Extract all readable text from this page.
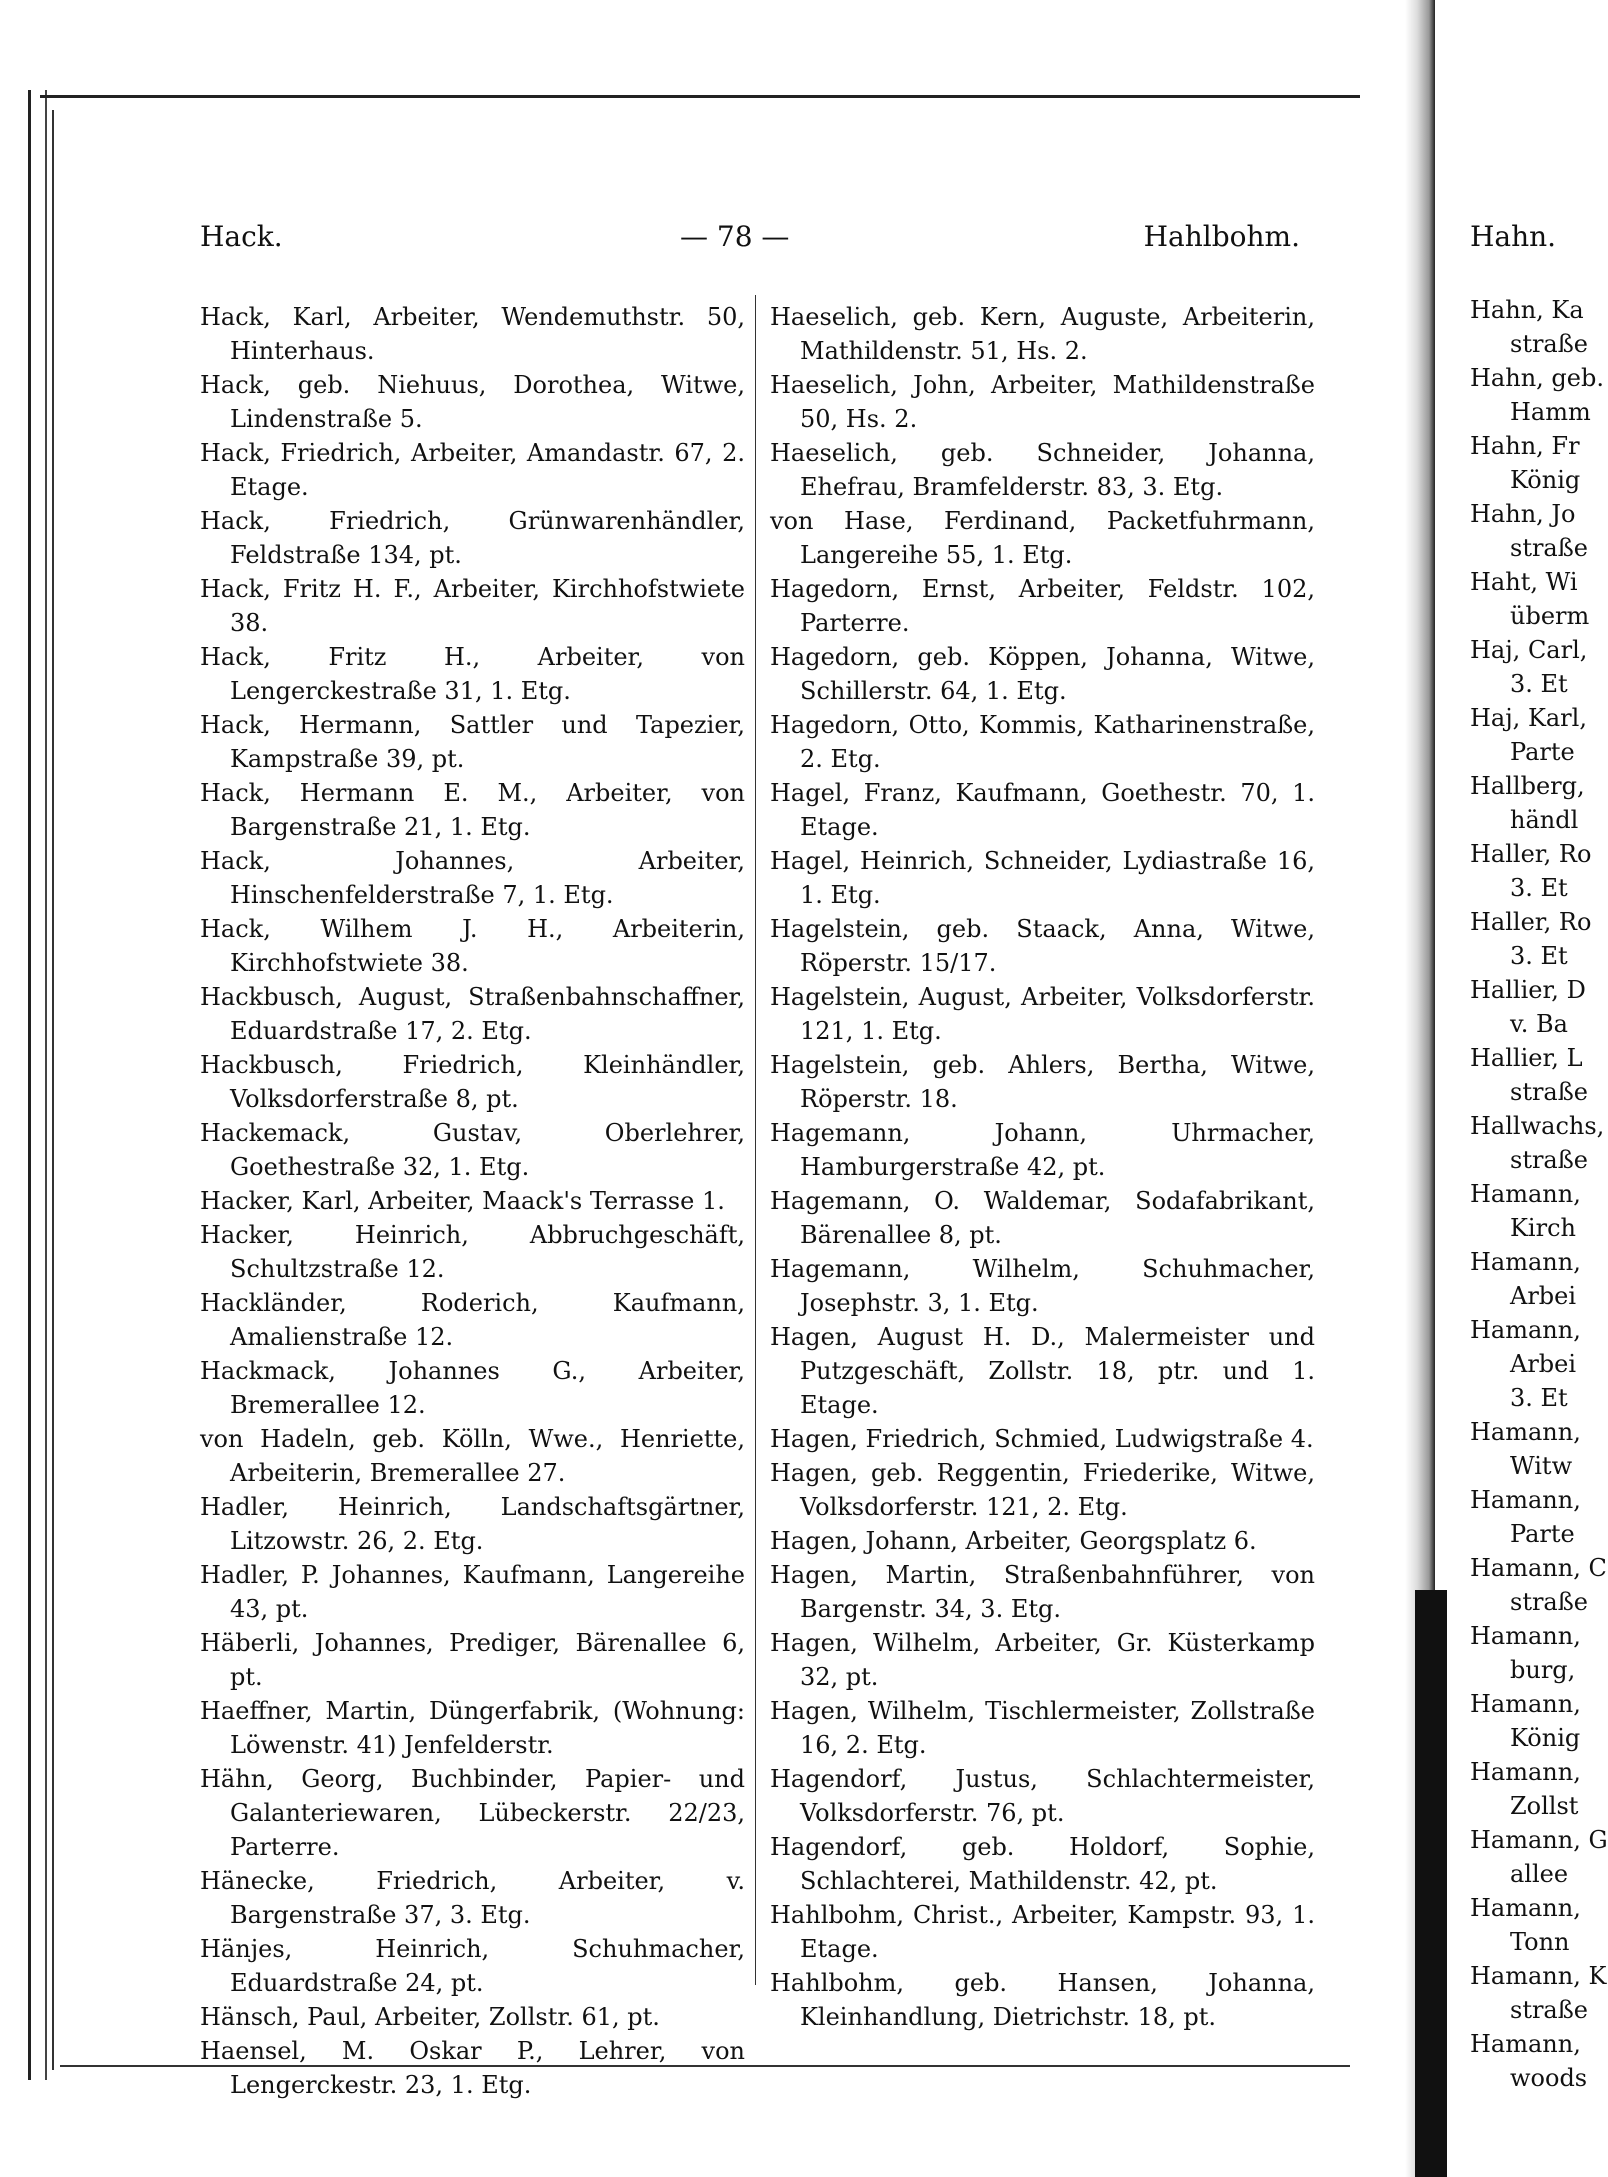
Hack.	— 78 —	Hahlbohm.

Hack, Karl, Arbeiter, Wendemuthstr. 50, Hinterhaus.

Hack, geb. Niehuus, Dorothea, Witwe, Lindenstraße 5.

Hack, Friedrich, Arbeiter, Amandastr. 67, 2. Etage.

Hack, Friedrich, Grünwarenhändler, Feldstraße 134, pt.

Hack, Fritz H. F., Arbeiter, Kirchhofstwiete 38.

Hack, Fritz H., Arbeiter, von Lengerckestraße 31, 1. Etg.

Hack, Hermann, Sattler und Tapezier, Kampstraße 39, pt.

Hack, Hermann E. M., Arbeiter, von Bargenstraße 21, 1. Etg.

Hack, Johannes, Arbeiter, Hinschenfelderstraße 7, 1. Etg.

Hack, Wilhem J. H., Arbeiterin, Kirchhofstwiete 38.

Hackbusch, August, Straßenbahnschaffner, Eduardstraße 17, 2. Etg.

Hackbusch, Friedrich, Kleinhändler, Volksdorferstraße 8, pt.

Hackemack, Gustav, Oberlehrer, Goethestraße 32, 1. Etg.

Hacker, Karl, Arbeiter, Maack's Terrasse 1.

Hacker, Heinrich, Abbruchgeschäft, Schultzstraße 12.

Hackländer, Roderich, Kaufmann, Amalienstraße 12.

Hackmack, Johannes G., Arbeiter, Bremerallee 12.

von Hadeln, geb. Kölln, Wwe., Henriette, Arbeiterin, Bremerallee 27.

Hadler, Heinrich, Landschaftsgärtner, Litzowstr. 26, 2. Etg.

Hadler, P. Johannes, Kaufmann, Langereihe 43, pt.

Häberli, Johannes, Prediger, Bärenallee 6, pt.

Haeffner, Martin, Düngerfabrik, (Wohnung: Löwenstr. 41) Jenfelderstr.

Hähn, Georg, Buchbinder, Papier- und Galanteriewaren, Lübeckerstr. 22/23, Parterre.

Hänecke, Friedrich, Arbeiter, v. Bargenstraße 37, 3. Etg.

Hänjes, Heinrich, Schuhmacher, Eduardstraße 24, pt.

Hänsch, Paul, Arbeiter, Zollstr. 61, pt.

Haensel, M. Oskar P., Lehrer, von Lengerckestr. 23, 1. Etg.

Haeselich, geb. Kern, Auguste, Arbeiterin, Mathildenstr. 51, Hs. 2.

Haeselich, John, Arbeiter, Mathildenstraße 50, Hs. 2.

Haeselich, geb. Schneider, Johanna, Ehefrau, Bramfelderstr. 83, 3. Etg.

von Hase, Ferdinand, Packetfuhrmann, Langereihe 55, 1. Etg.

Hagedorn, Ernst, Arbeiter, Feldstr. 102, Parterre.

Hagedorn, geb. Köppen, Johanna, Witwe, Schillerstr. 64, 1. Etg.

Hagedorn, Otto, Kommis, Katharinenstraße, 2. Etg.

Hagel, Franz, Kaufmann, Goethestr. 70, 1. Etage.

Hagel, Heinrich, Schneider, Lydiastraße 16, 1. Etg.

Hagelstein, geb. Staack, Anna, Witwe, Röperstr. 15/17.

Hagelstein, August, Arbeiter, Volksdorferstr. 121, 1. Etg.

Hagelstein, geb. Ahlers, Bertha, Witwe, Röperstr. 18.

Hagemann, Johann, Uhrmacher, Hamburgerstraße 42, pt.

Hagemann, O. Waldemar, Sodafabrikant, Bärenallee 8, pt.

Hagemann, Wilhelm, Schuhmacher, Josephstr. 3, 1. Etg.

Hagen, August H. D., Malermeister und Putzgeschäft, Zollstr. 18, ptr. und 1. Etage.

Hagen, Friedrich, Schmied, Ludwigstraße 4.

Hagen, geb. Reggentin, Friederike, Witwe, Volksdorferstr. 121, 2. Etg.

Hagen, Johann, Arbeiter, Georgsplatz 6.

Hagen, Martin, Straßenbahnführer, von Bargenstr. 34, 3. Etg.

Hagen, Wilhelm, Arbeiter, Gr. Küsterkamp 32, pt.

Hagen, Wilhelm, Tischlermeister, Zollstraße 16, 2. Etg.

Hagendorf, Justus, Schlachtermeister, Volksdorferstr. 76, pt.

Hagendorf, geb. Holdorf, Sophie, Schlachterei, Mathildenstr. 42, pt.

Hahlbohm, Christ., Arbeiter, Kampstr. 93, 1. Etage.

Hahlbohm, geb. Hansen, Johanna, Kleinhandlung, Dietrichstr. 18, pt.

Hahn.
Hahn, Ka
straße
Hahn, geb.
Hamm
Hahn, Fr
König
Hahn, Jo
straße
Haht, Wi
überm
Haj, Carl,
3. Et
Haj, Karl,
Parte
Hallberg,
händl
Haller, Ro
3. Et
Haller, Ro
3. Et
Hallier, D
v. Ba
Hallier, L
straße
Hallwachs,
straße
Hamann,
Kirch
Hamann,
Arbei
Hamann,
Arbei
3. Et
Hamann,
Witw
Hamann,
Parte
Hamann, C
straße
Hamann,
burg,
Hamann,
König
Hamann,
Zollst
Hamann, G
allee
Hamann,
Tonn
Hamann, K
straße
Hamann,
woods
